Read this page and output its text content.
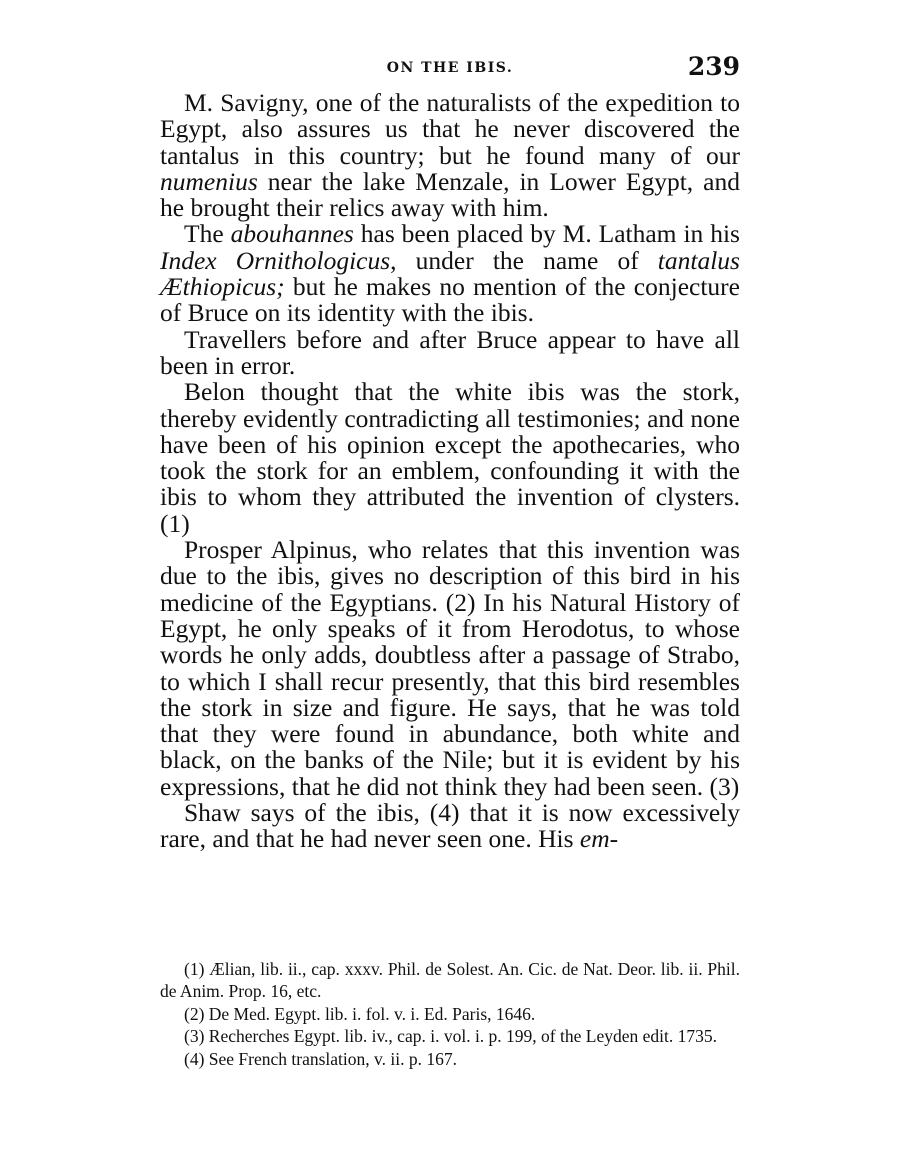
ON THE IBIS.	239

M. Savigny, one of the naturalists of the expedition to Egypt, also assures us that he never discovered the tantalus in this country; but he found many of our numenius near the lake Menzale, in Lower Egypt, and he brought their relics away with him.

The abouhannes has been placed by M. Latham in his Index Ornithologicus, under the name of tantalus Æthiopicus; but he makes no mention of the conjecture of Bruce on its identity with the ibis.

Travellers before and after Bruce appear to have all been in error.

Belon thought that the white ibis was the stork, thereby evidently contradicting all testimonies; and none have been of his opinion except the apothecaries, who took the stork for an emblem, confounding it with the ibis to whom they attributed the invention of clysters. (1)

Prosper Alpinus, who relates that this invention was due to the ibis, gives no description of this bird in his medicine of the Egyptians. (2) In his Natural History of Egypt, he only speaks of it from Herodotus, to whose words he only adds, doubtless after a passage of Strabo, to which I shall recur presently, that this bird resembles the stork in size and figure. He says, that he was told that they were found in abundance, both white and black, on the banks of the Nile; but it is evident by his expressions, that he did not think they had been seen. (3)

Shaw says of the ibis, (4) that it is now excessively rare, and that he had never seen one. His em-

(1) Ælian, lib. ii., cap. xxxv. Phil. de Solest. An. Cic. de Nat. Deor. lib. ii. Phil. de Anim. Prop. 16, etc.

(2) De Med. Egypt. lib. i. fol. v. i. Ed. Paris, 1646.

(3) Recherches Egypt. lib. iv., cap. i. vol. i. p. 199, of the Leyden edit. 1735.

(4) See French translation, v. ii. p. 167.
